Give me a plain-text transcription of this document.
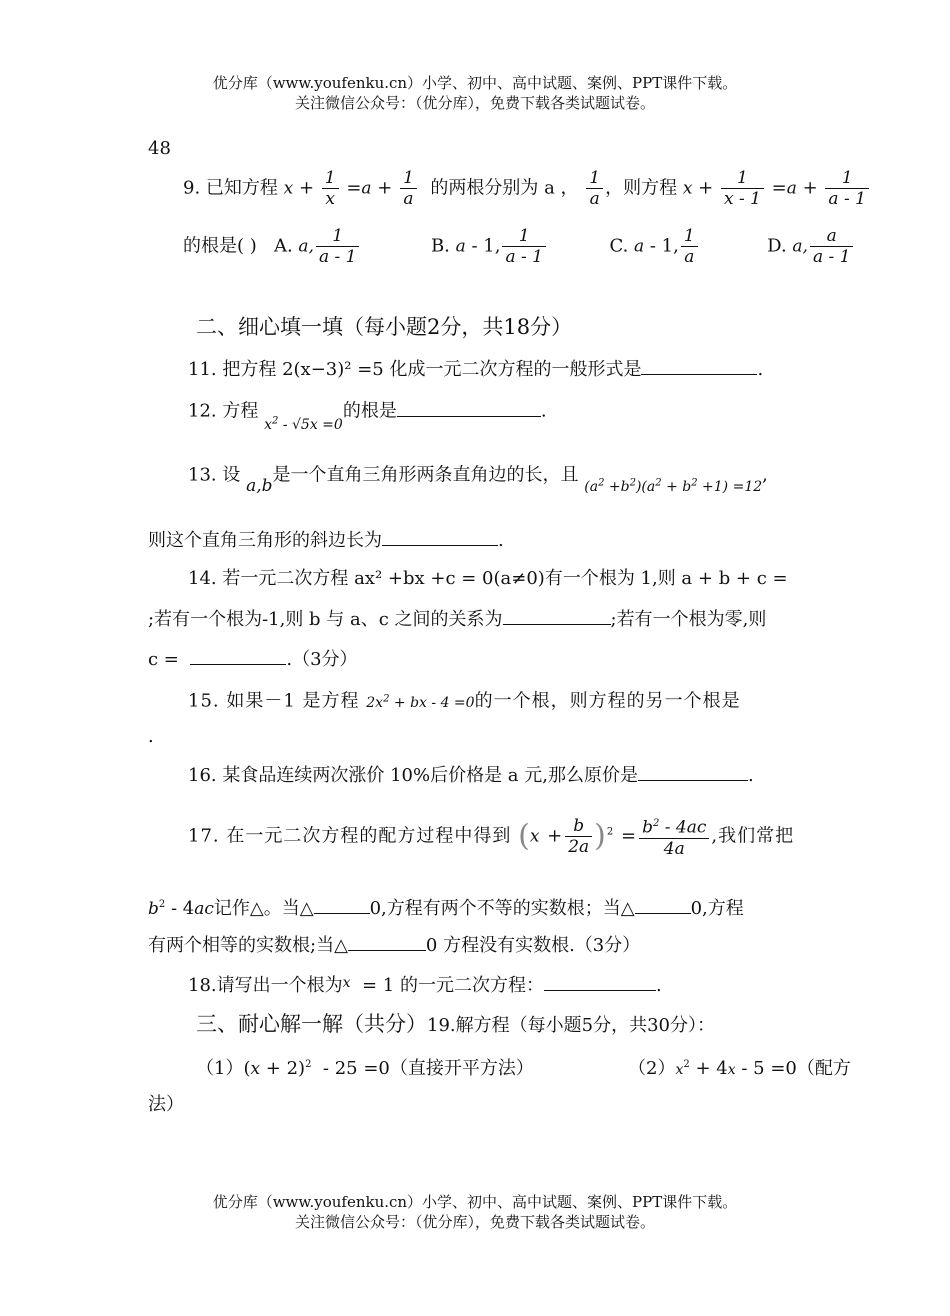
优分库（www.youfenku.cn）小学、初中、高中试题、案例、PPT课件下载。
关注微信公众号：（优分库），免费下载各类试题试卷。
48
9. 已知方程 $x + \frac{1}{x} =a + \frac{1}{a}$ 的两根分别为 a ， $\frac{1}{a}$ ，则方程 $x + \frac{1}{x - 1} =a + \frac{1}{a - 1}$
的根是( ) A. a, $\frac{1}{a - 1}$	B. a - 1, $\frac{1}{a - 1}$	C. a - 1, $\frac{1}{a}$	D. a, $\frac{a}{a - 1}$
二、细心填一填（每小题2分，共18分）
11. 把方程 2(x−3)² =5 化成一元二次方程的一般形式是	.
12. 方程 $_{x^2 - √5x =0}$的根是	.
13. 设 a,b是一个直角三角形两条直角边的长，且 $_{(a^2 +b^2)(a^2 + b^2 +1) =12}$,
则这个直角三角形的斜边长为	.
14. 若一元二次方程 ax² +bx +c = 0(a≠0)有一个根为 1,则 a + b + c =
;若有一个根为-1,则 b 与 a、c 之间的关系为	;若有一个根为零,则
c =	.（3分）
15. 如果－1 是方程 $2x^2$ + bx - 4 =0的一个根，则方程的另一个根是
.
16. 某食品连续两次涨价 10%后价格是 a 元,那么原价是	.
17. 在一元二次方程的配方过程中得到 $(x + \frac{b}{2a} )^2 = \frac{b^2 - 4ac}{4a}$ ,我们常把
$b^2 - 4ac$记作△。当△	0,方程有两个不等的实数根；当△	0,方程
有两个相等的实数根;当△	0 方程没有实数根.（3分）
18.请写出一个根为$^x$  = 1 的一元二次方程：	.
三、耐心解一解（共分）19.解方程（每小题5分，共30分）：
$(1)(x + 2)^2 - 25 =0$（直接开平方法）	$(2)x^2 + 4x - 5 =0$（配方
法）
优分库（www.youfenku.cn）小学、初中、高中试题、案例、PPT课件下载。
关注微信公众号：（优分库），免费下载各类试题试卷。
